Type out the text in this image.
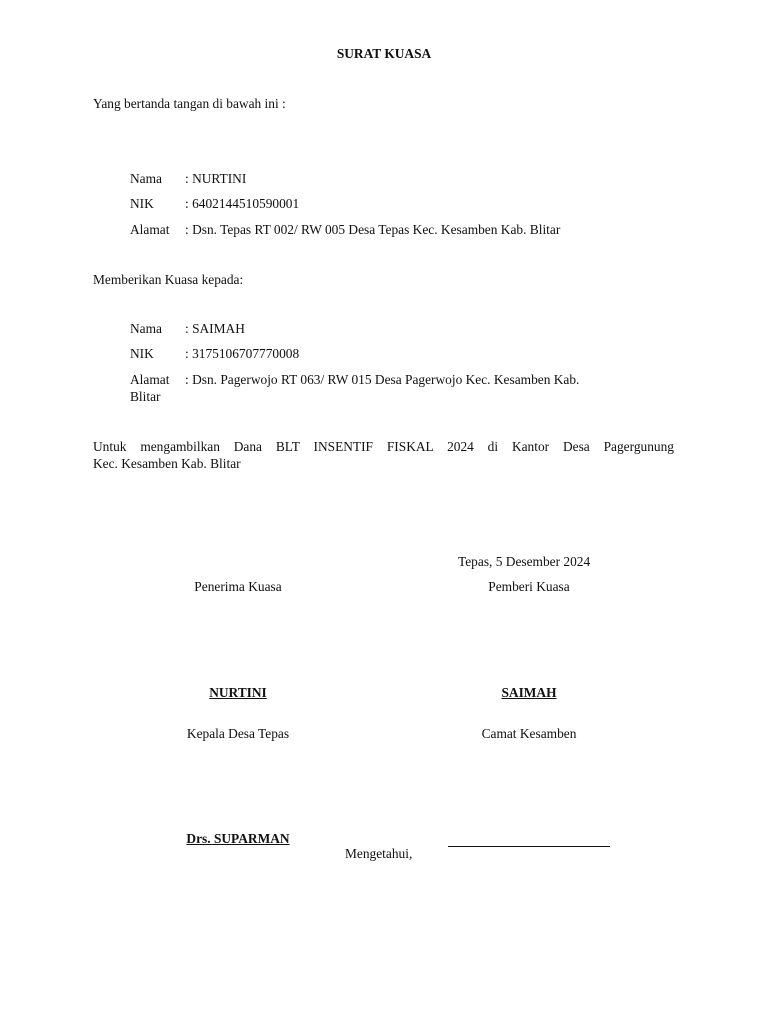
SURAT KUASA
Yang bertanda tangan di bawah ini :
Nama : NURTINI
NIK : 6402144510590001
Alamat : Dsn. Tepas RT 002/ RW 005 Desa Tepas Kec. Kesamben Kab. Blitar
Memberikan Kuasa kepada:
Nama : SAIMAH
NIK : 3175106707770008
Alamat : Dsn. Pagerwojo RT 063/ RW 015 Desa Pagerwojo Kec. Kesamben Kab.
Blitar
Untuk mengambilkan Dana BLT INSENTIF FISKAL 2024 di Kantor Desa Pagergunung
Kec. Kesamben Kab. Blitar
Tepas, 5 Desember 2024
Penerima Kuasa	Pemberi Kuasa
NURTINI	SAIMAH
Kepala Desa Tepas	Camat Kesamben
Drs. SUPARMAN
Mengetahui,
